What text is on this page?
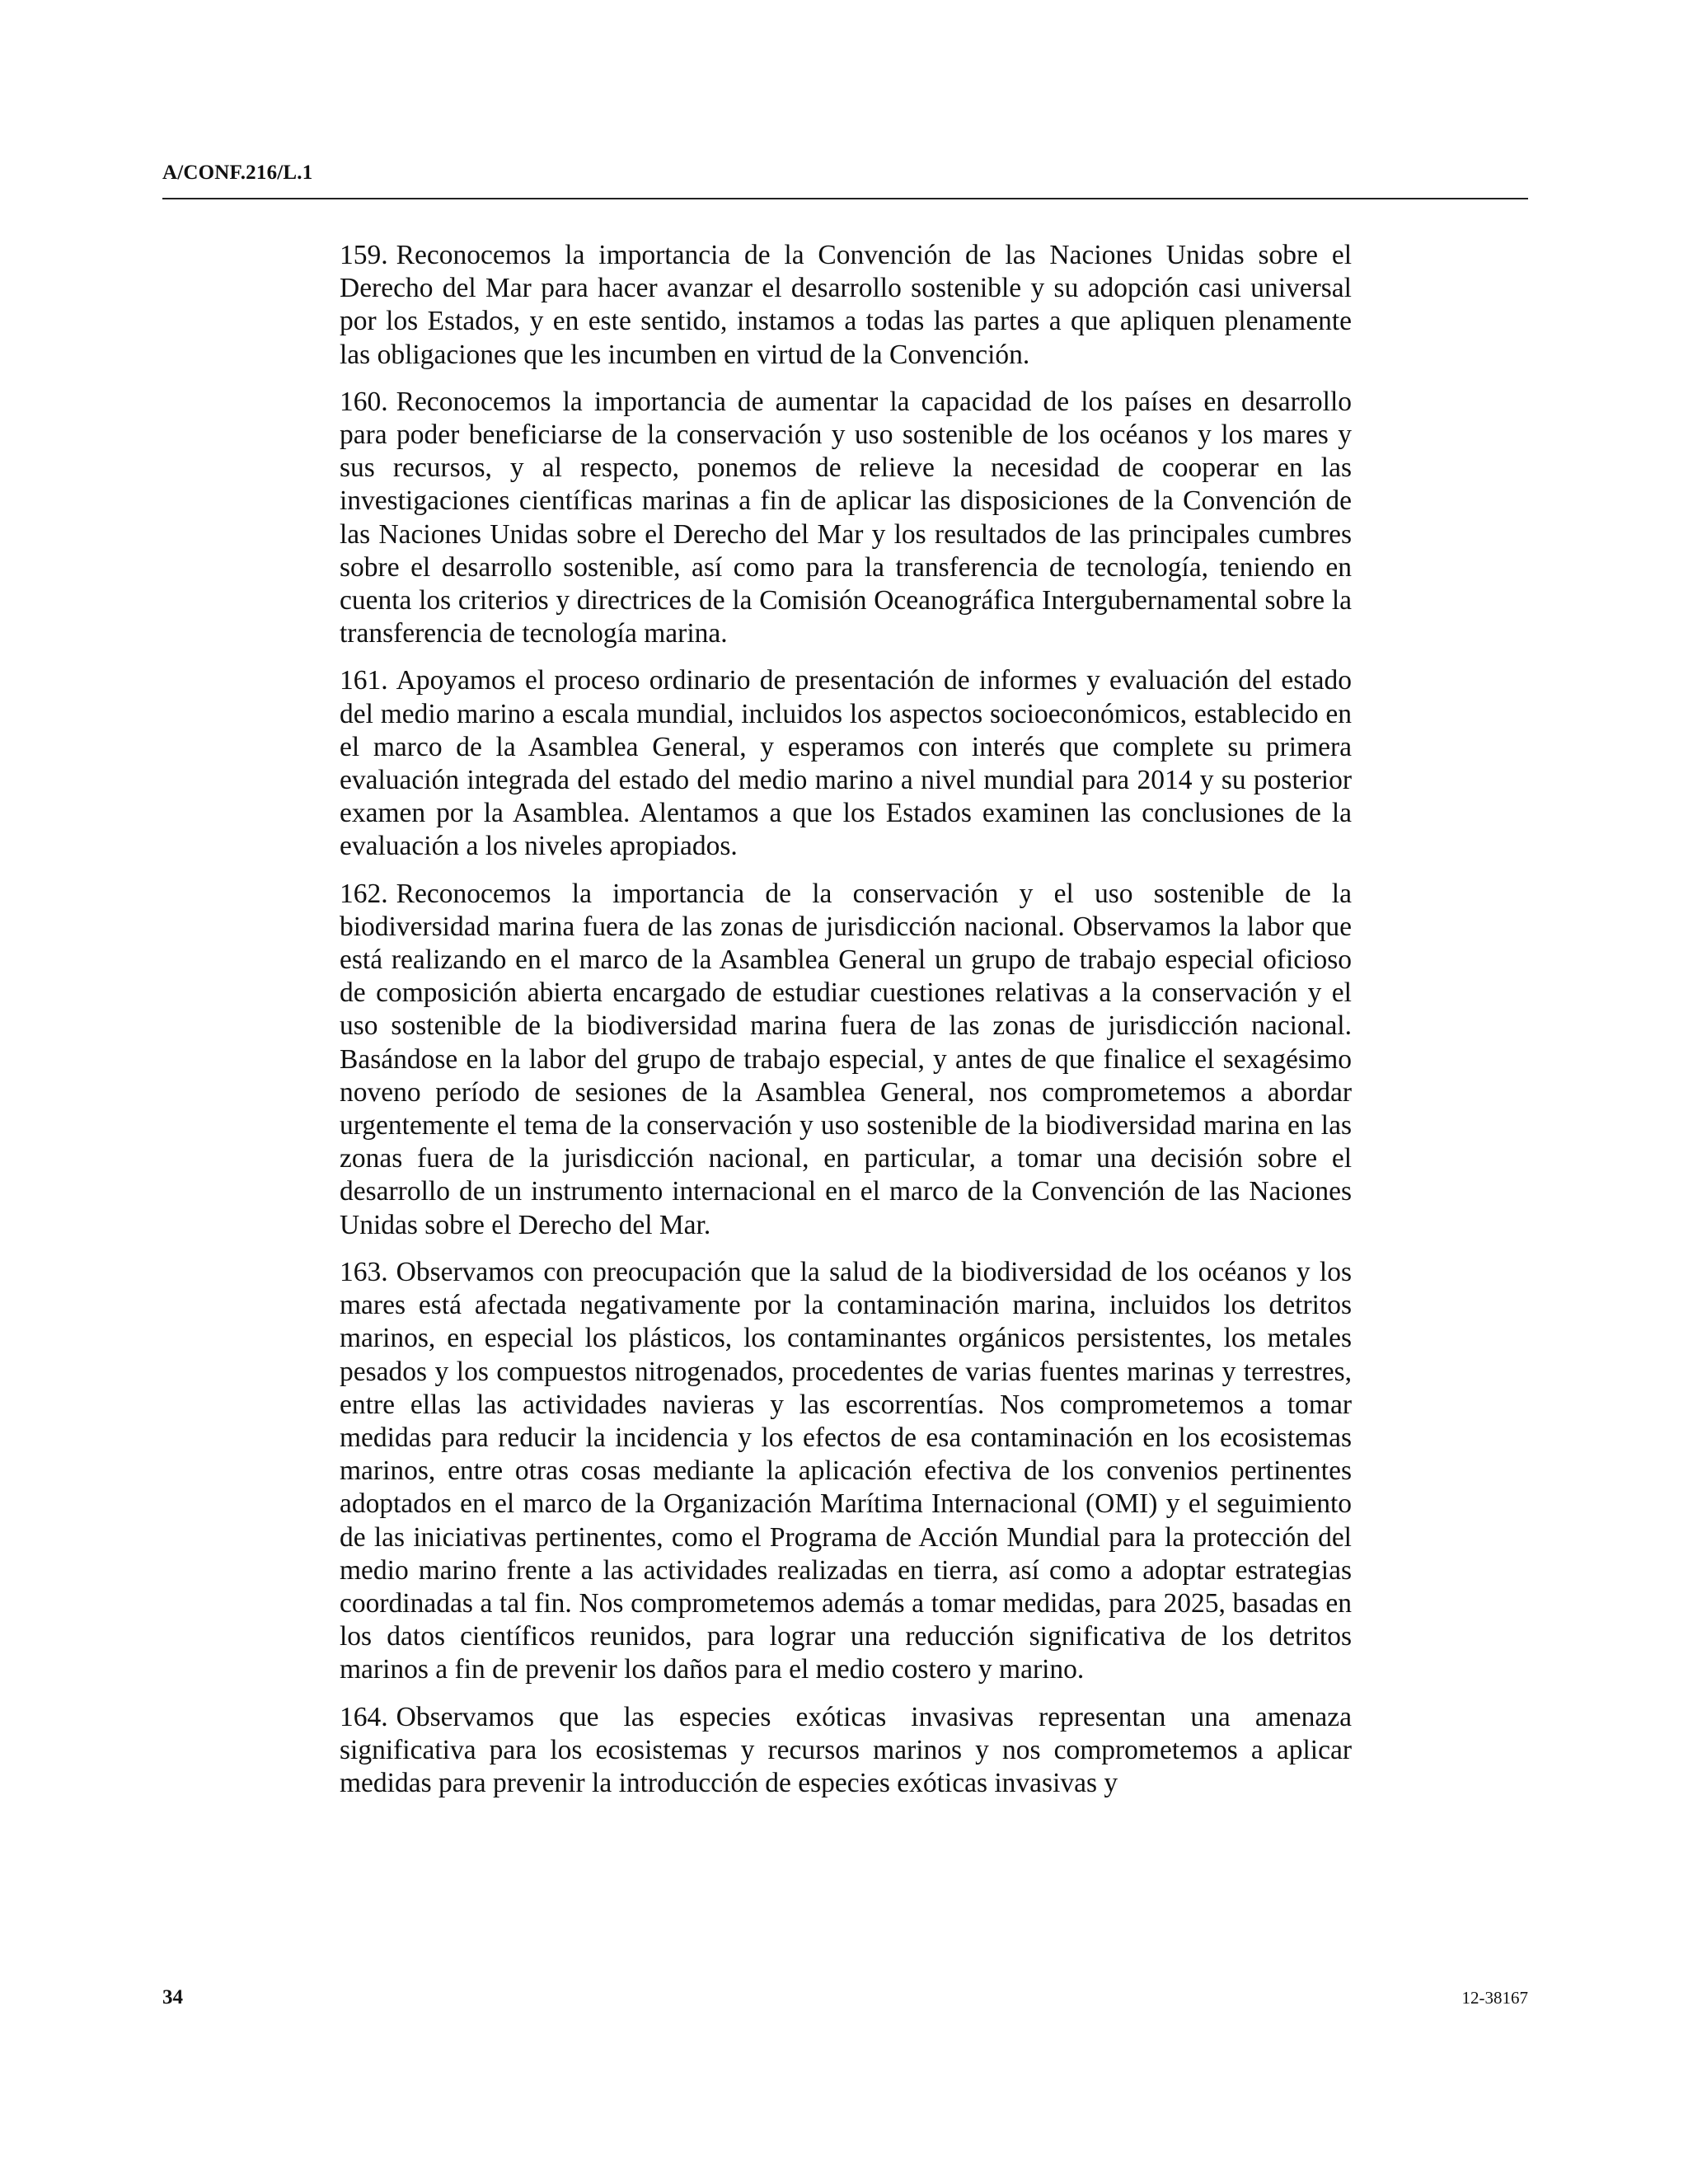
A/CONF.216/L.1

159. Reconocemos la importancia de la Convención de las Naciones Unidas sobre el Derecho del Mar para hacer avanzar el desarrollo sostenible y su adopción casi universal por los Estados, y en este sentido, instamos a todas las partes a que apliquen plenamente las obligaciones que les incumben en virtud de la Convención.

160. Reconocemos la importancia de aumentar la capacidad de los países en desarrollo para poder beneficiarse de la conservación y uso sostenible de los océanos y los mares y sus recursos, y al respecto, ponemos de relieve la necesidad de cooperar en las investigaciones científicas marinas a fin de aplicar las disposiciones de la Convención de las Naciones Unidas sobre el Derecho del Mar y los resultados de las principales cumbres sobre el desarrollo sostenible, así como para la transferencia de tecnología, teniendo en cuenta los criterios y directrices de la Comisión Oceanográfica Intergubernamental sobre la transferencia de tecnología marina.

161. Apoyamos el proceso ordinario de presentación de informes y evaluación del estado del medio marino a escala mundial, incluidos los aspectos socioeconómicos, establecido en el marco de la Asamblea General, y esperamos con interés que complete su primera evaluación integrada del estado del medio marino a nivel mundial para 2014 y su posterior examen por la Asamblea. Alentamos a que los Estados examinen las conclusiones de la evaluación a los niveles apropiados.

162. Reconocemos la importancia de la conservación y el uso sostenible de la biodiversidad marina fuera de las zonas de jurisdicción nacional. Observamos la labor que está realizando en el marco de la Asamblea General un grupo de trabajo especial oficioso de composición abierta encargado de estudiar cuestiones relativas a la conservación y el uso sostenible de la biodiversidad marina fuera de las zonas de jurisdicción nacional. Basándose en la labor del grupo de trabajo especial, y antes de que finalice el sexagésimo noveno período de sesiones de la Asamblea General, nos comprometemos a abordar urgentemente el tema de la conservación y uso sostenible de la biodiversidad marina en las zonas fuera de la jurisdicción nacional, en particular, a tomar una decisión sobre el desarrollo de un instrumento internacional en el marco de la Convención de las Naciones Unidas sobre el Derecho del Mar.

163. Observamos con preocupación que la salud de la biodiversidad de los océanos y los mares está afectada negativamente por la contaminación marina, incluidos los detritos marinos, en especial los plásticos, los contaminantes orgánicos persistentes, los metales pesados y los compuestos nitrogenados, procedentes de varias fuentes marinas y terrestres, entre ellas las actividades navieras y las escorrentías. Nos comprometemos a tomar medidas para reducir la incidencia y los efectos de esa contaminación en los ecosistemas marinos, entre otras cosas mediante la aplicación efectiva de los convenios pertinentes adoptados en el marco de la Organización Marítima Internacional (OMI) y el seguimiento de las iniciativas pertinentes, como el Programa de Acción Mundial para la protección del medio marino frente a las actividades realizadas en tierra, así como a adoptar estrategias coordinadas a tal fin. Nos comprometemos además a tomar medidas, para 2025, basadas en los datos científicos reunidos, para lograr una reducción significativa de los detritos marinos a fin de prevenir los daños para el medio costero y marino.

164. Observamos que las especies exóticas invasivas representan una amenaza significativa para los ecosistemas y recursos marinos y nos comprometemos a aplicar medidas para prevenir la introducción de especies exóticas invasivas y

34	12-38167
